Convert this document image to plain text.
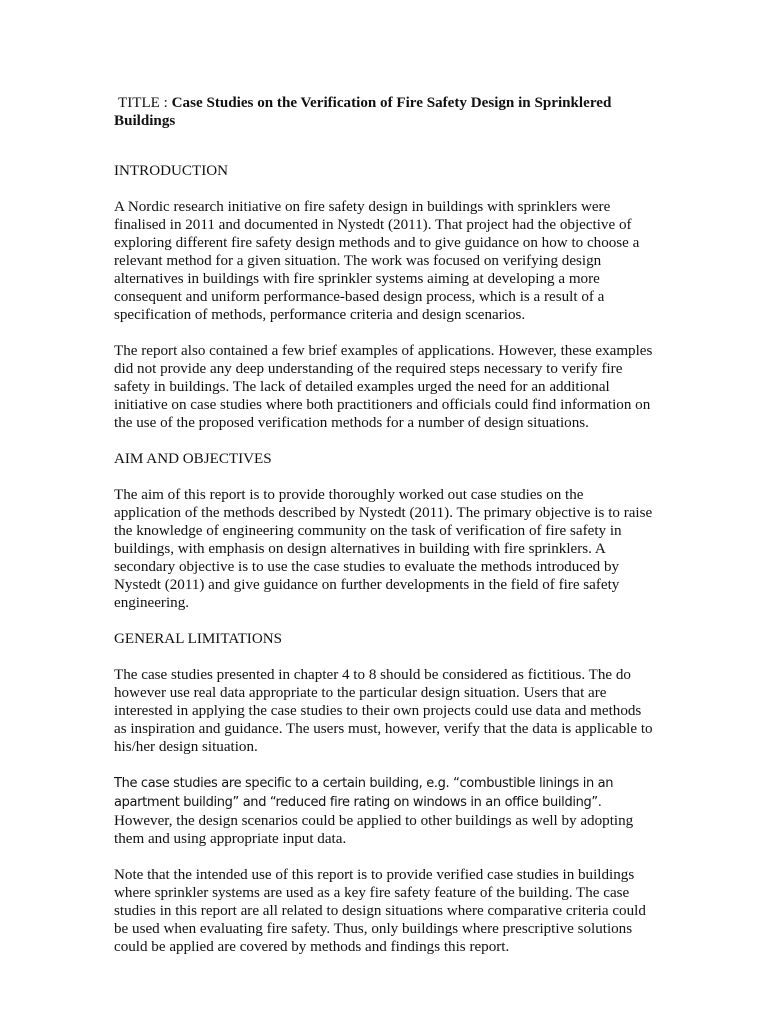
TITLE : Case Studies on the Verification of Fire Safety Design in Sprinklered Buildings

INTRODUCTION

A Nordic research initiative on fire safety design in buildings with sprinklers were finalised in 2011 and documented in Nystedt (2011). That project had the objective of exploring different fire safety design methods and to give guidance on how to choose a relevant method for a given situation. The work was focused on verifying design alternatives in buildings with fire sprinkler systems aiming at developing a more consequent and uniform performance-based design process, which is a result of a specification of methods, performance criteria and design scenarios.

The report also contained a few brief examples of applications. However, these examples did not provide any deep understanding of the required steps necessary to verify fire safety in buildings. The lack of detailed examples urged the need for an additional initiative on case studies where both practitioners and officials could find information on the use of the proposed verification methods for a number of design situations.

AIM AND OBJECTIVES

The aim of this report is to provide thoroughly worked out case studies on the application of the methods described by Nystedt (2011). The primary objective is to raise the knowledge of engineering community on the task of verification of fire safety in buildings, with emphasis on design alternatives in building with fire sprinklers. A secondary objective is to use the case studies to evaluate the methods introduced by Nystedt (2011) and give guidance on further developments in the field of fire safety engineering.

GENERAL LIMITATIONS

The case studies presented in chapter 4 to 8 should be considered as fictitious. The do however use real data appropriate to the particular design situation. Users that are interested in applying the case studies to their own projects could use data and methods as inspiration and guidance. The users must, however, verify that the data is applicable to his/her design situation.

The case studies are specific to a certain building, e.g. “combustible linings in an
apartment building” and “reduced fire rating on windows in an office building”.
However, the design scenarios could be applied to other buildings as well by adopting them and using appropriate input data.

Note that the intended use of this report is to provide verified case studies in buildings where sprinkler systems are used as a key fire safety feature of the building. The case studies in this report are all related to design situations where comparative criteria could be used when evaluating fire safety. Thus, only buildings where prescriptive solutions could be applied are covered by methods and findings this report.
